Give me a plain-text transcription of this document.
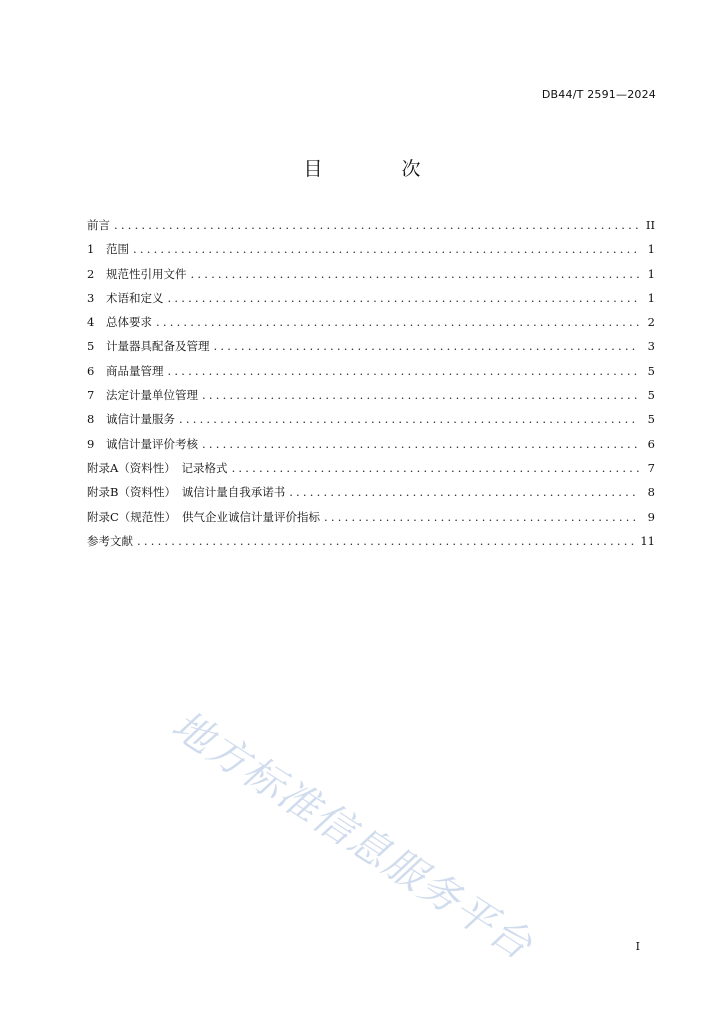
DB44/T 2591—2024
目　次
前言 .....	II
1	范围 .....	1
2	规范性引用文件 .....	1
3	术语和定义 .....	1
4	总体要求 .....	2
5	计量器具配备及管理 .....	3
6	商品量管理 .....	5
7	法定计量单位管理 .....	5
8	诚信计量服务 .....	5
9	诚信计量评价考核 .....	6
附录A（资料性）　记录格式 .....	7
附录B（资料性）　诚信计量自我承诺书 .....	8
附录C（规范性）　供气企业诚信计量评价指标 .....	9
参考文献 .....	11
地方标准信息服务平台	I
